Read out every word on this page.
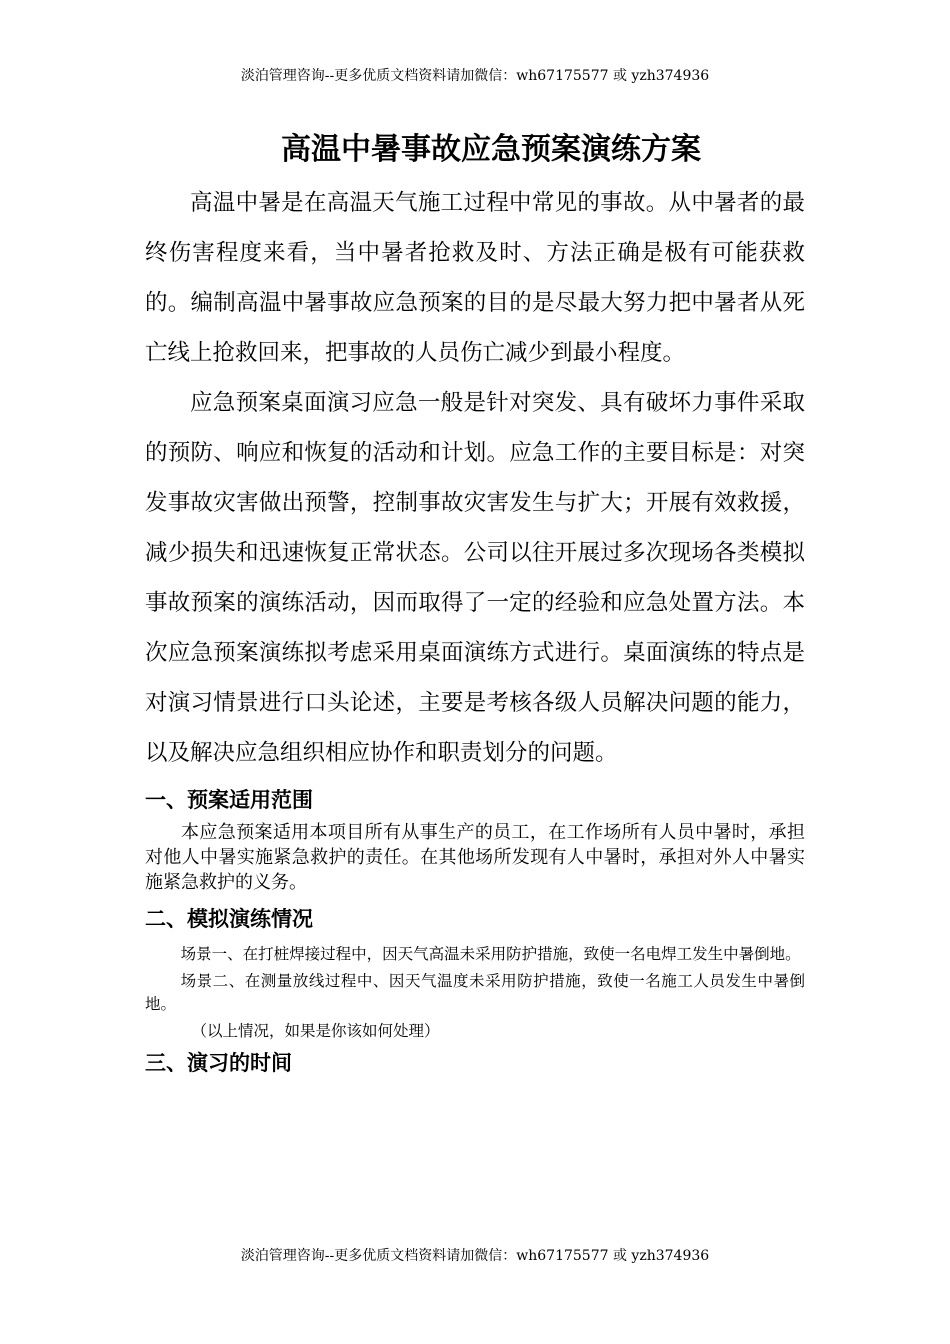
淡泊管理咨询--更多优质文档资料请加微信：wh67175577 或 yzh374936
高温中暑事故应急预案演练方案

高温中暑是在高温天气施工过程中常见的事故。从中暑者的最终伤害程度来看，当中暑者抢救及时、方法正确是极有可能获救的。编制高温中暑事故应急预案的目的是尽最大努力把中暑者从死亡线上抢救回来，把事故的人员伤亡减少到最小程度。

应急预案桌面演习应急一般是针对突发、具有破坏力事件采取的预防、响应和恢复的活动和计划。应急工作的主要目标是：对突发事故灾害做出预警，控制事故灾害发生与扩大；开展有效救援，减少损失和迅速恢复正常状态。公司以往开展过多次现场各类模拟事故预案的演练活动，因而取得了一定的经验和应急处置方法。本次应急预案演练拟考虑采用桌面演练方式进行。桌面演练的特点是对演习情景进行口头论述，主要是考核各级人员解决问题的能力，以及解决应急组织相应协作和职责划分的问题。

一、预案适用范围

本应急预案适用本项目所有从事生产的员工，在工作场所有人员中暑时，承担对他人中暑实施紧急救护的责任。在其他场所发现有人中暑时，承担对外人中暑实施紧急救护的义务。

二、模拟演练情况

场景一、在打桩焊接过程中，因天气高温未采用防护措施，致使一名电焊工发生中暑倒地。

场景二、在测量放线过程中、因天气温度未采用防护措施，致使一名施工人员发生中暑倒地。

（以上情况，如果是你该如何处理）

三、演习的时间
淡泊管理咨询--更多优质文档资料请加微信：wh67175577 或 yzh374936
